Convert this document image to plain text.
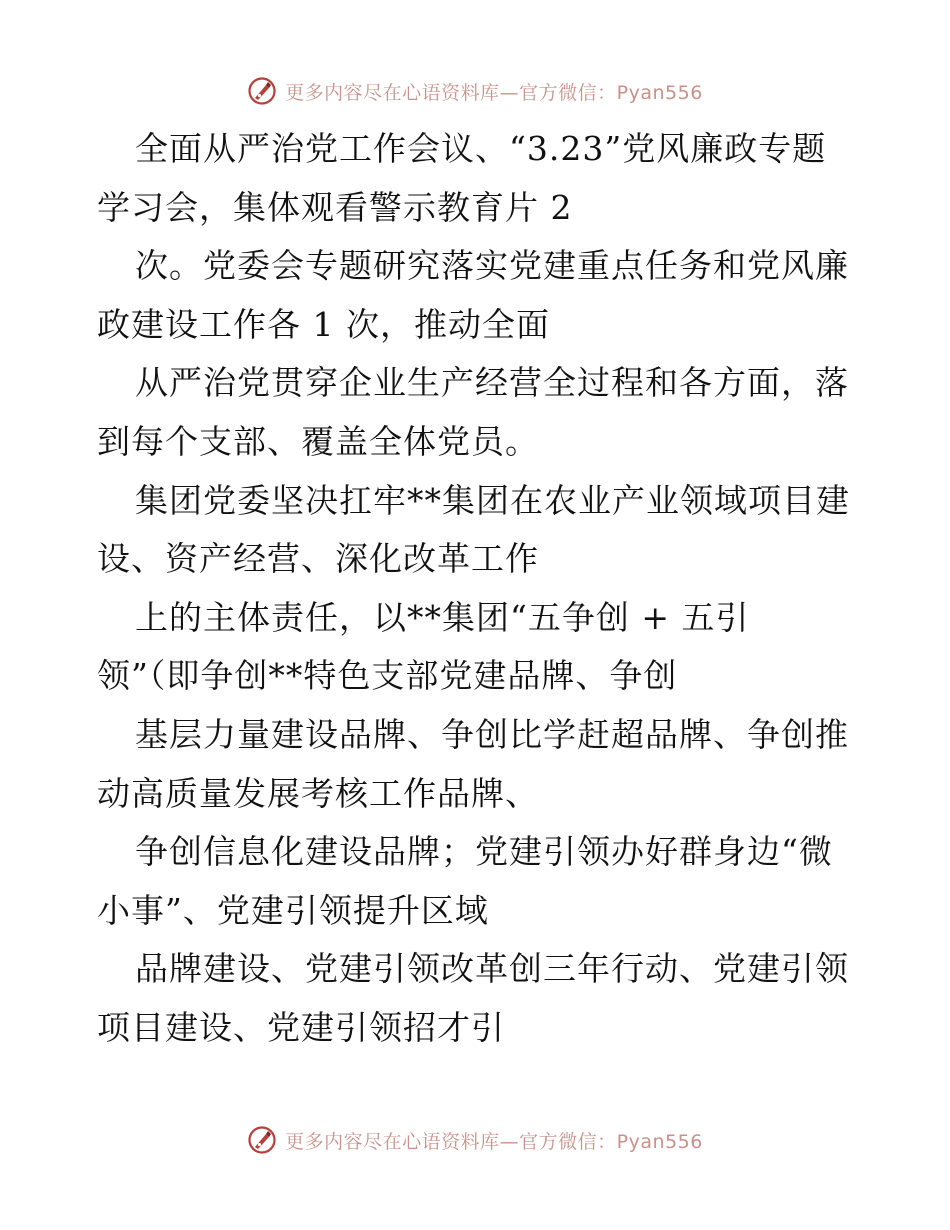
更多内容尽在心语资料库—官方微信：Pyan556
全面从严治党工作会议、“3.23”党风廉政专题
学习会，集体观看警示教育片 2
次。党委会专题研究落实党建重点任务和党风廉
政建设工作各 1 次，推动全面
从严治党贯穿企业生产经营全过程和各方面，落
到每个支部、覆盖全体党员。
集团党委坚决扛牢**集团在农业产业领域项目建
设、资产经营、深化改革工作
上的主体责任，以**集团“五争创 + 五引
领”（即争创**特色支部党建品牌、争创
基层力量建设品牌、争创比学赶超品牌、争创推
动高质量发展考核工作品牌、
争创信息化建设品牌；党建引领办好群身边“微
小事”、党建引领提升区域
品牌建设、党建引领改革创三年行动、党建引领
项目建设、党建引领招才引
更多内容尽在心语资料库—官方微信：Pyan556
